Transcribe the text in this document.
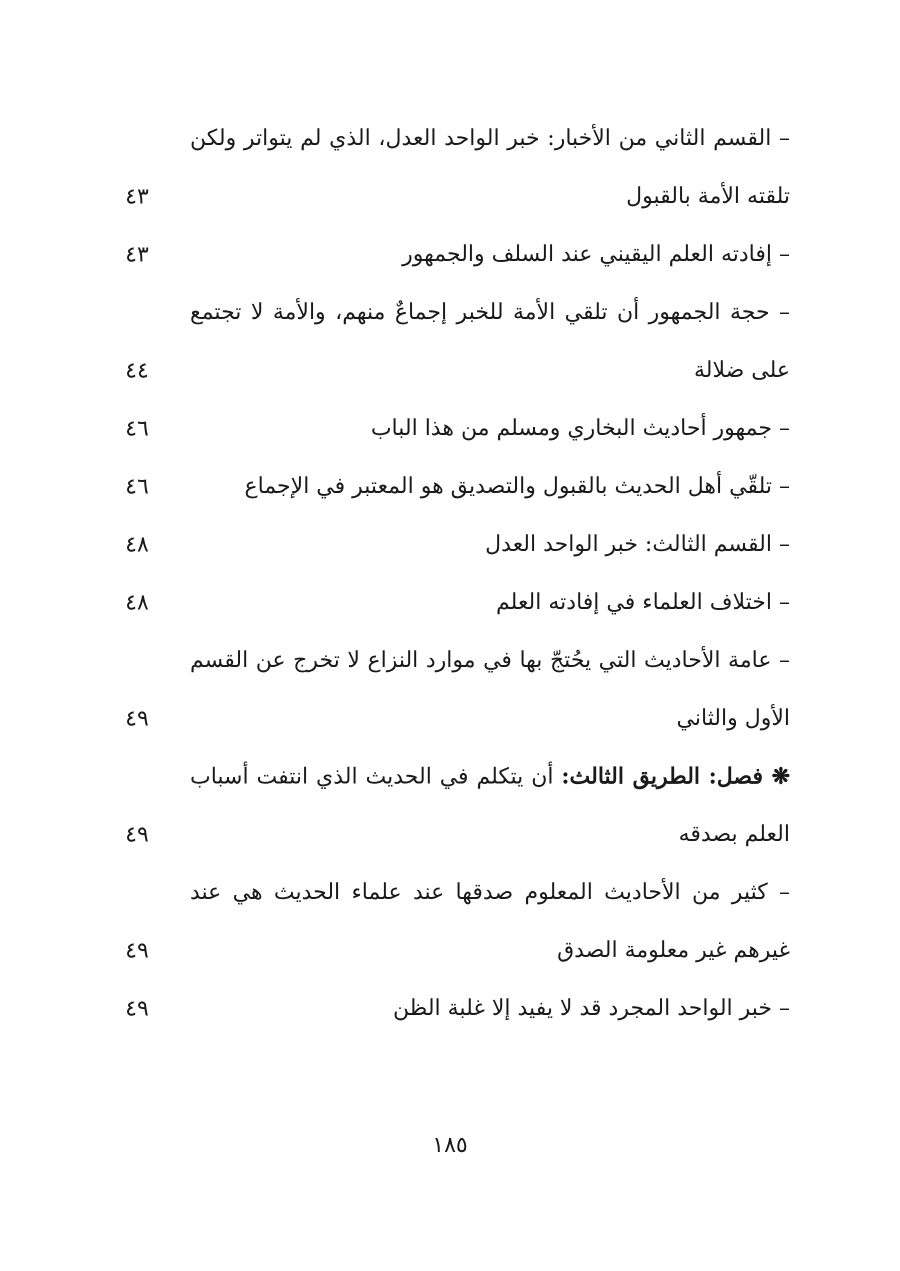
– القسم الثاني من الأخبار: خبر الواحد العدل، الذي لم يتواتر ولكن
تلقته الأمة بالقبول
٤٣
– إفادته العلم اليقيني عند السلف والجمهور
٤٣
– حجة الجمهور أن تلقي الأمة للخبر إجماعٌ منهم، والأمة لا تجتمع
على ضلالة
٤٤
– جمهور أحاديث البخاري ومسلم من هذا الباب
٤٦
– تلقّي أهل الحديث بالقبول والتصديق هو المعتبر في الإجماع
٤٦
– القسم الثالث: خبر الواحد العدل
٤٨
– اختلاف العلماء في إفادته العلم
٤٨
– عامة الأحاديث التي يحُتجّ بها في موارد النزاع لا تخرج عن القسم
الأول والثاني
٤٩
❋ فصل: الطريق الثالث: أن يتكلم في الحديث الذي انتفت أسباب
العلم بصدقه
٤٩
– كثير من الأحاديث المعلوم صدقها عند علماء الحديث هي عند
غيرهم غير معلومة الصدق
٤٩
– خبر الواحد المجرد قد لا يفيد إلا غلبة الظن
٤٩
١٨٥
